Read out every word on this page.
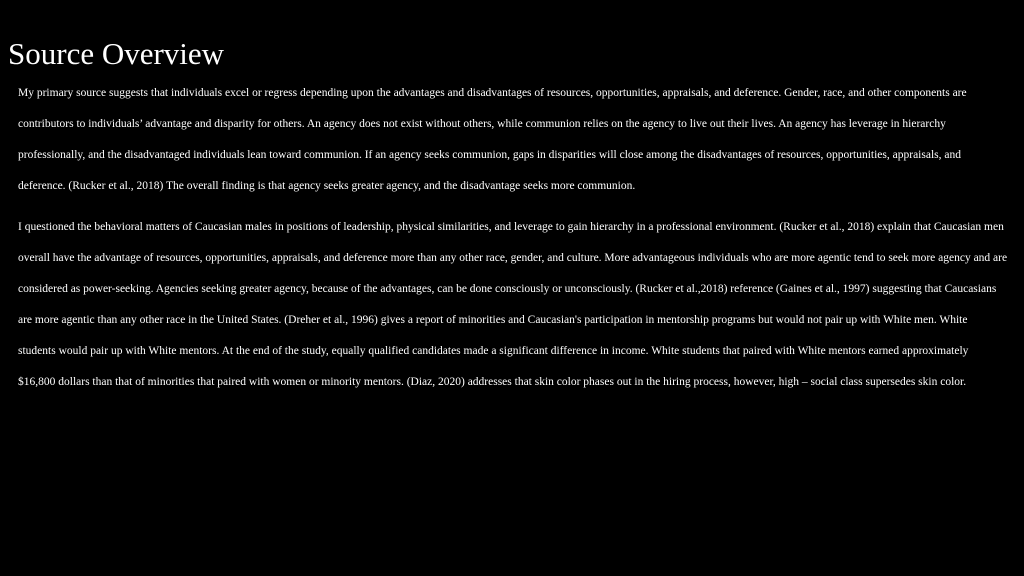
Source Overview

My primary source suggests that individuals excel or regress depending upon the advantages and disadvantages of resources, opportunities, appraisals, and deference. Gender, race, and other components are contributors to individuals’ advantage and disparity for others. An agency does not exist without others, while communion relies on the agency to live out their lives. An agency has leverage in hierarchy professionally, and the disadvantaged individuals lean toward communion. If an agency seeks communion, gaps in disparities will close among the disadvantages of resources, opportunities, appraisals, and deference. (Rucker et al., 2018) The overall finding is that agency seeks greater agency, and the disadvantage seeks more communion.

I questioned the behavioral matters of Caucasian males in positions of leadership, physical similarities, and leverage to gain hierarchy in a professional environment. (Rucker et al., 2018) explain that Caucasian men overall have the advantage of resources, opportunities, appraisals, and deference more than any other race, gender, and culture. More advantageous individuals who are more agentic tend to seek more agency and are considered as power-seeking. Agencies seeking greater agency, because of the advantages, can be done consciously or unconsciously. (Rucker et al.,2018) reference (Gaines et al., 1997) suggesting that Caucasians are more agentic than any other race in the United States. (Dreher et al., 1996) gives a report of minorities and Caucasian's participation in mentorship programs but would not pair up with White men. White students would pair up with White mentors. At the end of the study, equally qualified candidates made a significant difference in income. White students that paired with White mentors earned approximately $16,800 dollars than that of minorities that paired with women or minority mentors. (Diaz, 2020) addresses that skin color phases out in the hiring process, however, high – social class supersedes skin color.
